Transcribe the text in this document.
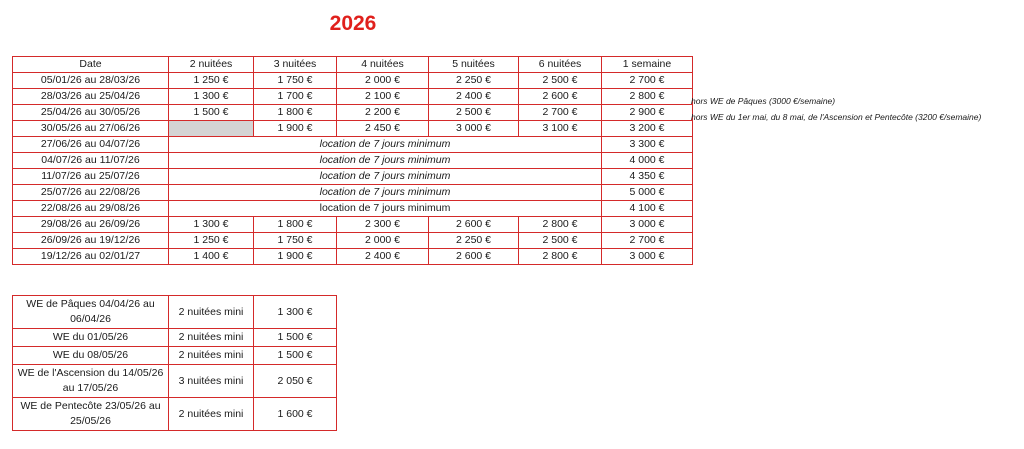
2026
Date	2 nuitées	3 nuitées	4 nuitées	5 nuitées	6 nuitées	1 semaine
05/01/26 au 28/03/26	1 250 €	1 750 €	2 000 €	2 250 €	2 500 €	2 700 €
28/03/26 au 25/04/26	1 300 €	1 700 €	2 100 €	2 400 €	2 600 €	2 800 €
25/04/26 au 30/05/26	1 500 €	1 800 €	2 200 €	2 500 €	2 700 €	2 900 €
30/05/26 au 27/06/26		1 900 €	2 450 €	3 000 €	3 100 €	3 200 €
27/06/26 au 04/07/26	location de 7 jours minimum					3 300 €
04/07/26 au 11/07/26	location de 7 jours minimum					4 000 €
11/07/26 au 25/07/26	location de 7 jours minimum					4 350 €
25/07/26 au 22/08/26	location de 7 jours minimum					5 000 €
22/08/26 au 29/08/26	location de 7 jours minimum					4 100 €
29/08/26 au 26/09/26	1 300 €	1 800 €	2 300 €	2 600 €	2 800 €	3 000 €
26/09/26 au 19/12/26	1 250 €	1 750 €	2 000 €	2 250 €	2 500 €	2 700 €
19/12/26 au 02/01/27	1 400 €	1 900 €	2 400 €	2 600 €	2 800 €	3 000 €
hors WE de Pâques (3000 €/semaine)
hors WE du 1er mai, du 8 mai, de l'Ascension et Pentecôte (3200 €/semaine)
WE de Pâques 04/04/26 au 06/04/26	2 nuitées mini	1 300 €
WE du 01/05/26	2 nuitées mini	1 500 €
WE du 08/05/26	2 nuitées mini	1 500 €
WE de l'Ascension du 14/05/26 au 17/05/26	3 nuitées mini	2 050 €
WE de Pentecôte 23/05/26 au 25/05/26	2 nuitées mini	1 600 €
